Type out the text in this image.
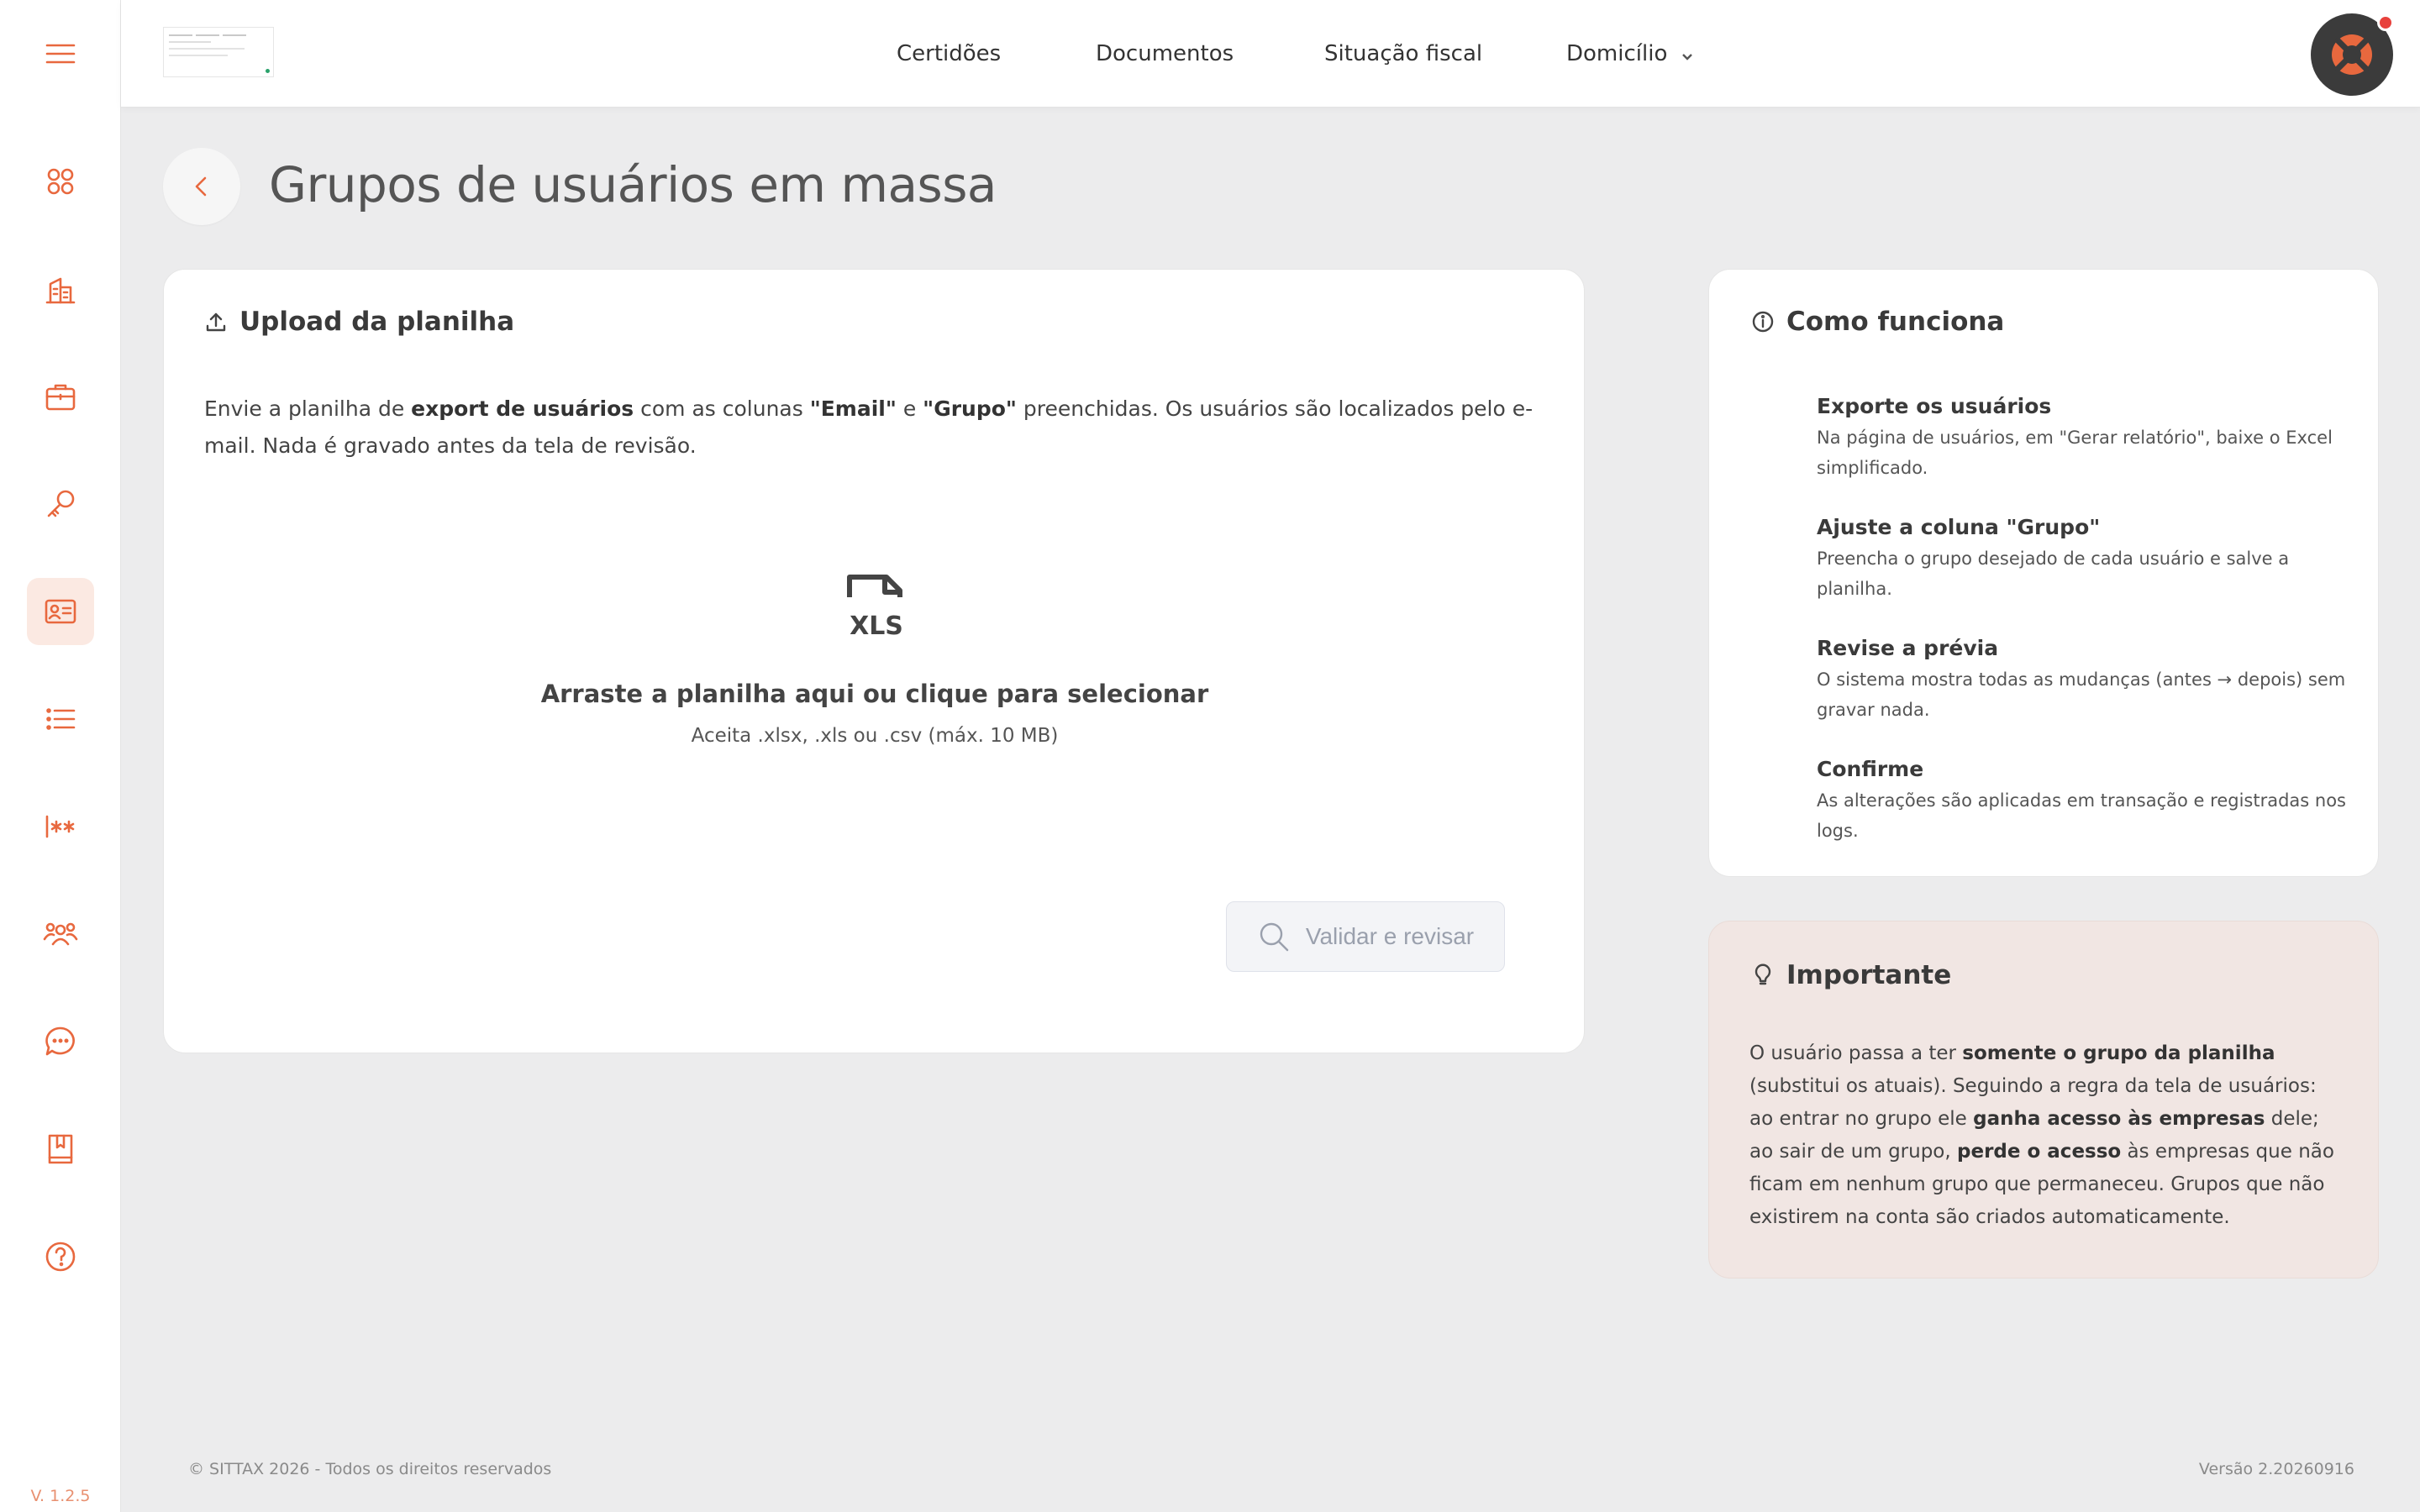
V. 1.2.5
Certidões	Documentos	Situação fiscal	Domicílio
Grupos de usuários em massa
Upload da planilha

Envie a planilha de export de usuários com as colunas "Email" e "Grupo" preenchidas. Os usuários são localizados pelo e-mail. Nada é gravado antes da tela de revisão.

XLS
Arraste a planilha aqui ou clique para selecionar
Aceita .xlsx, .xls ou .csv (máx. 10 MB)
Validar e revisar
Como funciona
Exporte os usuários
Na página de usuários, em "Gerar relatório", baixe o Excel simplificado.
Ajuste a coluna "Grupo"
Preencha o grupo desejado de cada usuário e salve a planilha.
Revise a prévia
O sistema mostra todas as mudanças (antes → depois) sem gravar nada.
Confirme
As alterações são aplicadas em transação e registradas nos logs.
Importante

O usuário passa a ter somente o grupo da planilha (substitui os atuais). Seguindo a regra da tela de usuários: ao entrar no grupo ele ganha acesso às empresas dele; ao sair de um grupo, perde o acesso às empresas que não ficam em nenhum grupo que permaneceu. Grupos que não existirem na conta são criados automaticamente.

© SITTAX 2026 - Todos os direitos reservados	Versão 2.20260916
